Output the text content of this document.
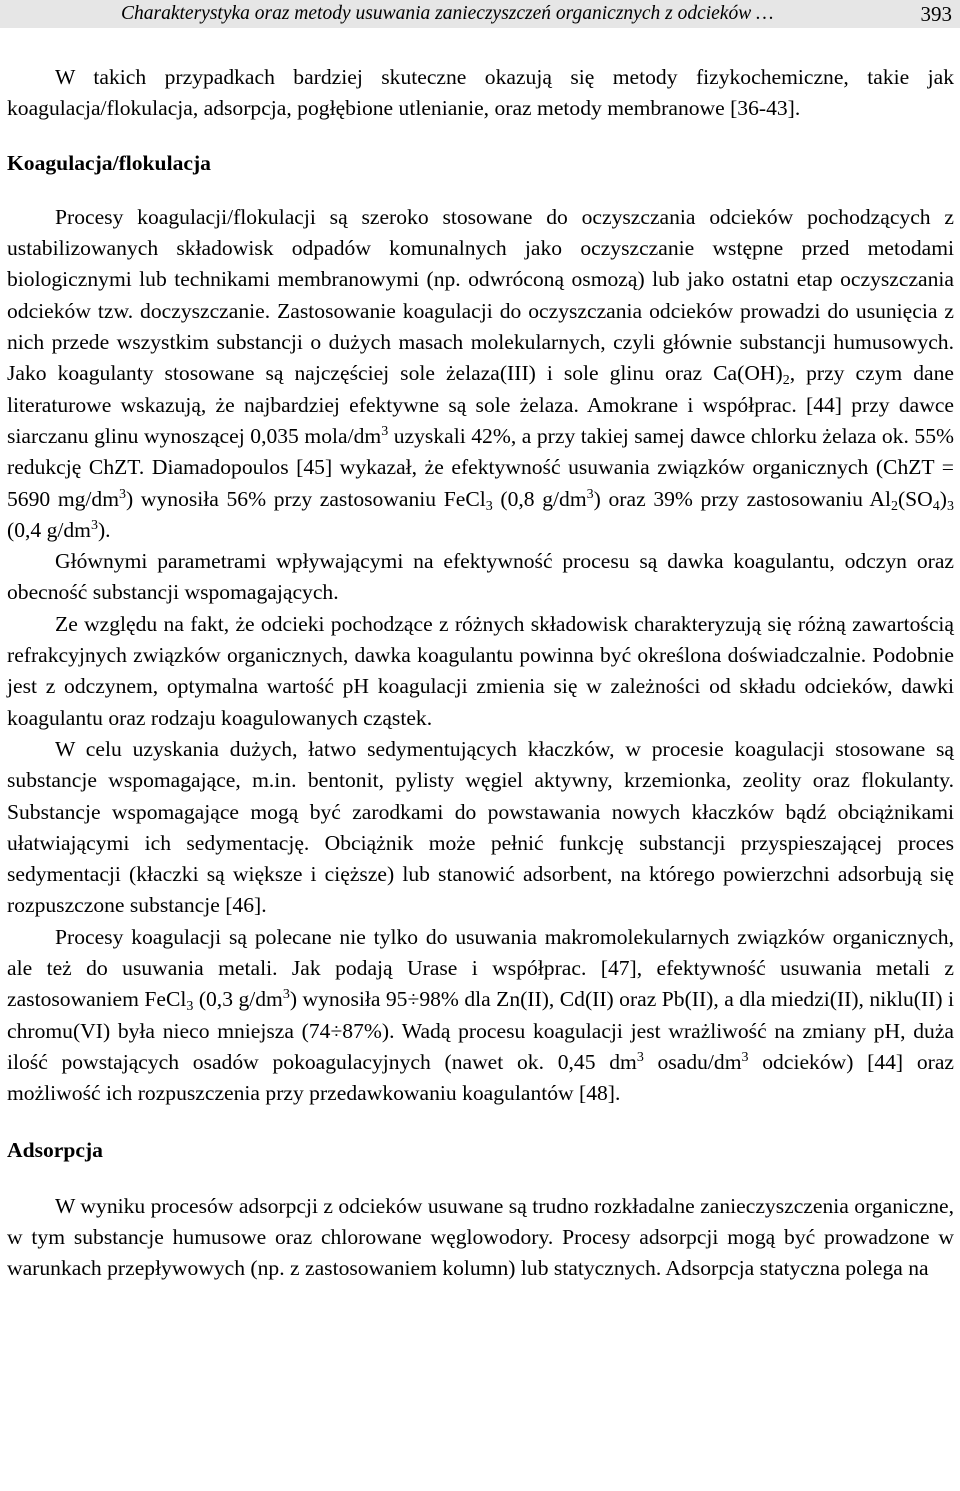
Charakterystyka oraz metody usuwania zanieczyszczeń organicznych z odcieków …	393

W takich przypadkach bardziej skuteczne okazują się metody fizykochemiczne, takie jak koagulacja/flokulacja, adsorpcja, pogłębione utlenianie, oraz metody membranowe [36-43].

Koagulacja/flokulacja

Procesy koagulacji/flokulacji są szeroko stosowane do oczyszczania odcieków pochodzących z ustabilizowanych składowisk odpadów komunalnych jako oczyszczanie wstępne przed metodami biologicznymi lub technikami membranowymi (np. odwróconą osmozą) lub jako ostatni etap oczyszczania odcieków tzw. doczyszczanie. Zastosowanie koagulacji do oczyszczania odcieków prowadzi do usunięcia z nich przede wszystkim substancji o dużych masach molekularnych, czyli głównie substancji humusowych. Jako koagulanty stosowane są najczęściej sole żelaza(III) i sole glinu oraz $Ca(OH)_2$, przy czym dane literaturowe wskazują, że najbardziej efektywne są sole żelaza. Amokrane i współprac. [44] przy dawce siarczanu glinu wynoszącej 0,035 mola/$dm^3$ uzyskali 42%, a przy takiej samej dawce chlorku żelaza ok. 55% redukcję ChZT. Diamadopoulos [45] wykazał, że efektywność usuwania związków organicznych (ChZT = 5690 $mg/dm^3$) wynosiła 56% przy zastosowaniu FeCl$_3$ (0,8 $g/dm^3$) oraz 39% przy zastosowaniu $Al_2(SO_4)_3$ (0,4 $g/dm^3$).

Głównymi parametrami wpływającymi na efektywność procesu są dawka koagulantu, odczyn oraz obecność substancji wspomagających.

Ze względu na fakt, że odcieki pochodzące z różnych składowisk charakteryzują się różną zawartością refrakcyjnych związków organicznych, dawka koagulantu powinna być określona doświadczalnie. Podobnie jest z odczynem, optymalna wartość pH koagulacji zmienia się w zależności od składu odcieków, dawki koagulantu oraz rodzaju koagulowanych cząstek.

W celu uzyskania dużych, łatwo sedymentujących kłaczków, w procesie koagulacji stosowane są substancje wspomagające, m.in. bentonit, pylisty węgiel aktywny, krzemionka, zeolity oraz flokulanty. Substancje wspomagające mogą być zarodkami do powstawania nowych kłaczków bądź obciążnikami ułatwiającymi ich sedymentację. Obciążnik może pełnić funkcję substancji przyspieszającej proces sedymentacji (kłaczki są większe i cięższe) lub stanowić adsorbent, na którego powierzchni adsorbują się rozpuszczone substancje [46].

Procesy koagulacji są polecane nie tylko do usuwania makromolekularnych związków organicznych, ale też do usuwania metali. Jak podają Urase i współprac. [47], efektywność usuwania metali z zastosowaniem FeCl$_3$ (0,3 $g/dm^3$) wynosiła 95÷98% dla Zn(II), Cd(II) oraz Pb(II), a dla miedzi(II), niklu(II) i chromu(VI) była nieco mniejsza (74÷87%). Wadą procesu koagulacji jest wrażliwość na zmiany pH, duża ilość powstających osadów pokoagulacyjnych (nawet ok. 0,45 $dm^3$ osadu/$dm^3$ odcieków) [44] oraz możliwość ich rozpuszczenia przy przedawkowaniu koagulantów [48].

Adsorpcja

W wyniku procesów adsorpcji z odcieków usuwane są trudno rozkładalne zanieczyszczenia organiczne, w tym substancje humusowe oraz chlorowane węglowodory. Procesy adsorpcji mogą być prowadzone w warunkach przepływowych (np. z zastosowaniem kolumn) lub statycznych. Adsorpcja statyczna polega na
